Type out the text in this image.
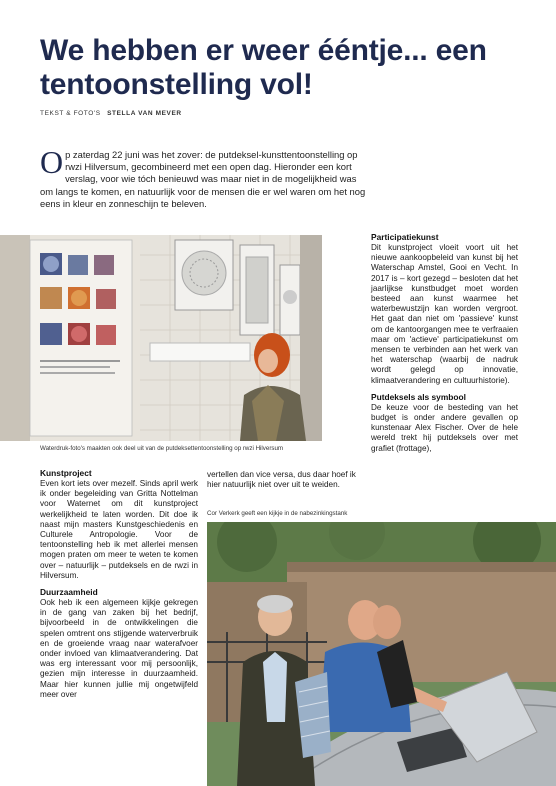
We hebben er weer ééntje... een tentoonstelling vol!
TEKST & FOTO'S STELLA VAN MEVER
Op zaterdag 22 juni was het zover: de putdeksel-kunsttentoonstelling op rwzi Hilversum, gecombineerd met een open dag. Hieronder een kort verslag, voor wie tóch benieuwd was maar niet in de mogelijkheid was om langs te komen, en natuurlijk voor de mensen die er wel waren om het nog eens in kleur en zonneschijn te beleven.
Waterdruk-foto's maakten ook deel uit van de putdeksettentoonstelling op rwzi Hilversum
Kunstproject

Even kort iets over mezelf. Sinds april werk ik onder begeleiding van Gritta Nottelman voor Waternet om dit kunstproject werkelijkheid te laten worden. Dit doe ik naast mijn masters Kunstgeschiedenis en Culturele Antropologie. Voor de tentoonstelling heb ik met allerlei mensen mogen praten om meer te weten te komen over – natuurlijk – putdeksels en de rwzi in Hilversum.

Duurzaamheid

Ook heb ik een algemeen kijkje gekregen in de gang van zaken bij het bedrijf, bijvoorbeeld in de ontwikkelingen die spelen omtrent ons stijgende waterverbruik en de groeiende vraag naar waterafvoer onder invloed van klimaatverandering. Dat was erg interessant voor mij persoonlijk, gezien mijn interesse in duurzaamheid. Maar hier kunnen jullie mij ongetwijfeld meer over

vertellen dan vice versa, dus daar hoef ik hier natuurlijk niet over uit te weiden.

Cor Verkerk geeft een kijkje in de nabezinkingstank
Participatiekunst

Dit kunstproject vloeit voort uit het nieuwe aankoopbeleid van kunst bij het Waterschap Amstel, Gooi en Vecht. In 2017 is – kort gezegd – besloten dat het jaarlijkse kunstbudget moet worden besteed aan kunst waarmee het waterbewustzijn kan worden vergroot. Het gaat dan niet om 'passieve' kunst om de kantoorgangen mee te verfraaien maar om 'actieve' participatiekunst om mensen te verbinden aan het werk van het waterschap (waarbij de nadruk wordt gelegd op innovatie, klimaatverandering en cultuurhistorie).

Putdeksels als symbool

De keuze voor de besteding van het budget is onder andere gevallen op kunstenaar Alex Fischer. Over de hele wereld trekt hij putdeksels over met grafiet (frottage),
